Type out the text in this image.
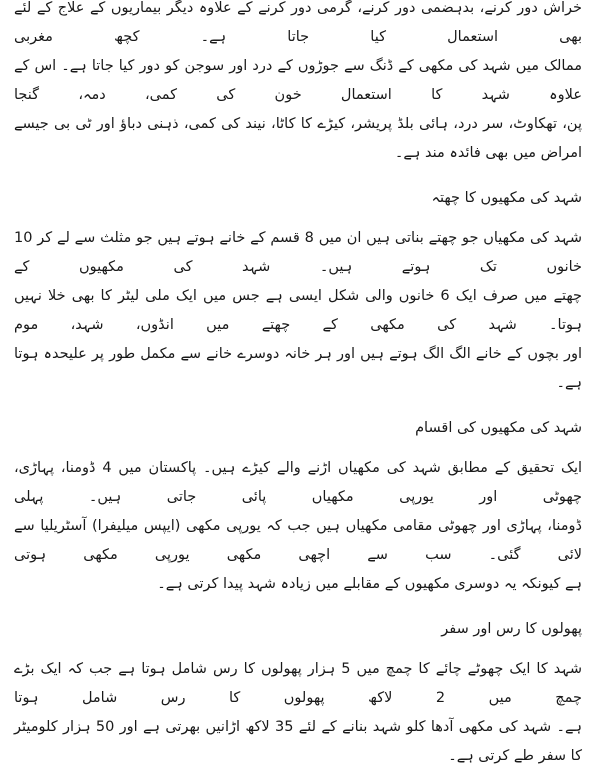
خراش دور کرنے، بدہضمی دور کرنے، گرمی دور کرنے کے علاوہ دیگر بیماریوں کے علاج کے لئے بھی استعمال کیا جاتا ہے۔ کچھ مغربی
ممالک میں شہد کی مکھی کے ڈنگ سے جوڑوں کے درد اور سوجن کو دور کیا جاتا ہے۔ اس کے علاوہ شہد کا استعمال خون کی کمی، دمہ، گنجا
پن، تھکاوٹ، سر درد، ہائی بلڈ پریشر، کیڑے کا کاٹا، نیند کی کمی، ذہنی دباؤ اور ٹی بی جیسے امراض میں بھی فائدہ مند ہے۔
شہد کی مکھیوں کا چھتہ
شہد کی مکھیاں جو چھتے بناتی ہیں ان میں 8 قسم کے خانے ہوتے ہیں جو مثلث سے لے کر 10 خانوں تک ہوتے ہیں۔ شہد کی مکھیوں کے
چھتے میں صرف ایک 6 خانوں والی شکل ایسی ہے جس میں ایک ملی لیٹر کا بھی خلا نہیں ہوتا۔ شہد کی مکھی کے چھتے میں انڈوں، شہد، موم
اور بچوں کے خانے الگ الگ ہوتے ہیں اور ہر خانہ دوسرے خانے سے مکمل طور پر علیحدہ ہوتا ہے۔
شہد کی مکھیوں کی اقسام
ایک تحقیق کے مطابق شہد کی مکھیاں اڑنے والے کیڑے ہیں۔ پاکستان میں 4 ڈومنا، پہاڑی، چھوٹی اور یورپی مکھیاں پائی جاتی ہیں۔ پہلی
ڈومنا، پہاڑی اور چھوٹی مقامی مکھیاں ہیں جب کہ یورپی مکھی (ایپس میلیفرا) آسٹریلیا سے لائی گئی۔ سب سے اچھی مکھی یورپی مکھی ہوتی
ہے کیونکہ یہ دوسری مکھیوں کے مقابلے میں زیادہ شہد پیدا کرتی ہے۔
پھولوں کا رس اور سفر
شہد کا ایک چھوٹے چائے کا چمچ میں 5 ہزار پھولوں کا رس شامل ہوتا ہے جب کہ ایک بڑے چمچ میں 2 لاکھ پھولوں کا رس شامل ہوتا
ہے۔ شہد کی مکھی آدھا کلو شہد بنانے کے لئے 35 لاکھ اڑانیں بھرتی ہے اور 50 ہزار کلومیٹر کا سفر طے کرتی ہے۔
